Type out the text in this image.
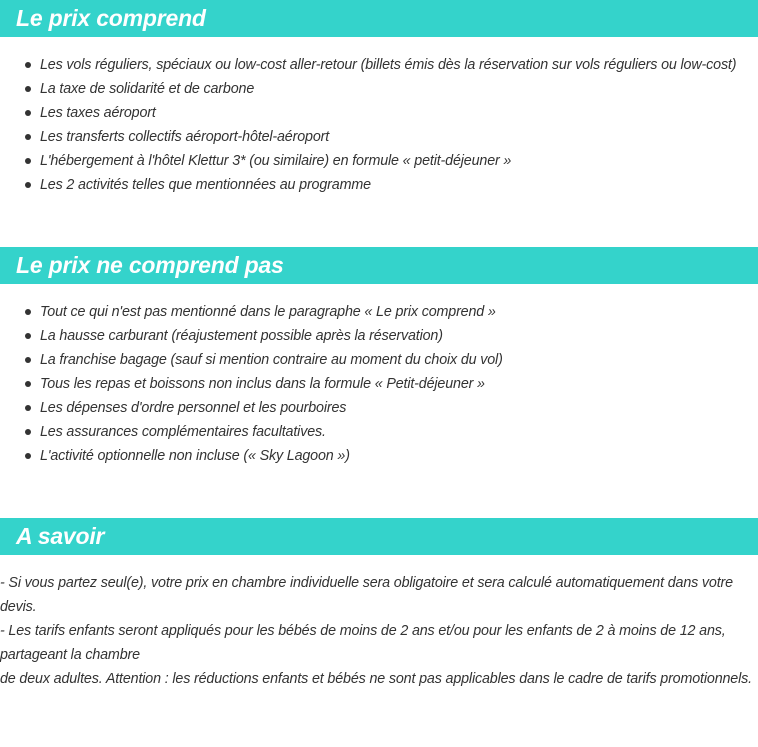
Le prix comprend
Les vols réguliers, spéciaux ou low-cost aller-retour (billets émis dès la réservation sur vols réguliers ou low-cost)
La taxe de solidarité et de carbone
Les taxes aéroport
Les transferts collectifs aéroport-hôtel-aéroport
L'hébergement à l'hôtel Klettur 3* (ou similaire) en formule « petit-déjeuner »
Les 2 activités telles que mentionnées au programme
Le prix ne comprend pas
Tout ce qui n'est pas mentionné dans le paragraphe « Le prix comprend »
La hausse carburant (réajustement possible après la réservation)
La franchise bagage (sauf si mention contraire au moment du choix du vol)
Tous les repas et boissons non inclus dans la formule « Petit-déjeuner »
Les dépenses d'ordre personnel et les pourboires
Les assurances complémentaires facultatives.
L'activité optionnelle non incluse (« Sky Lagoon »)
A savoir

- Si vous partez seul(e), votre prix en chambre individuelle sera obligatoire et sera calculé automatiquement dans votre devis.

- Les tarifs enfants seront appliqués pour les bébés de moins de 2 ans et/ou pour les enfants de 2 à moins de 12 ans, partageant la chambre

de deux adultes. Attention : les réductions enfants et bébés ne sont pas applicables dans le cadre de tarifs promotionnels.
